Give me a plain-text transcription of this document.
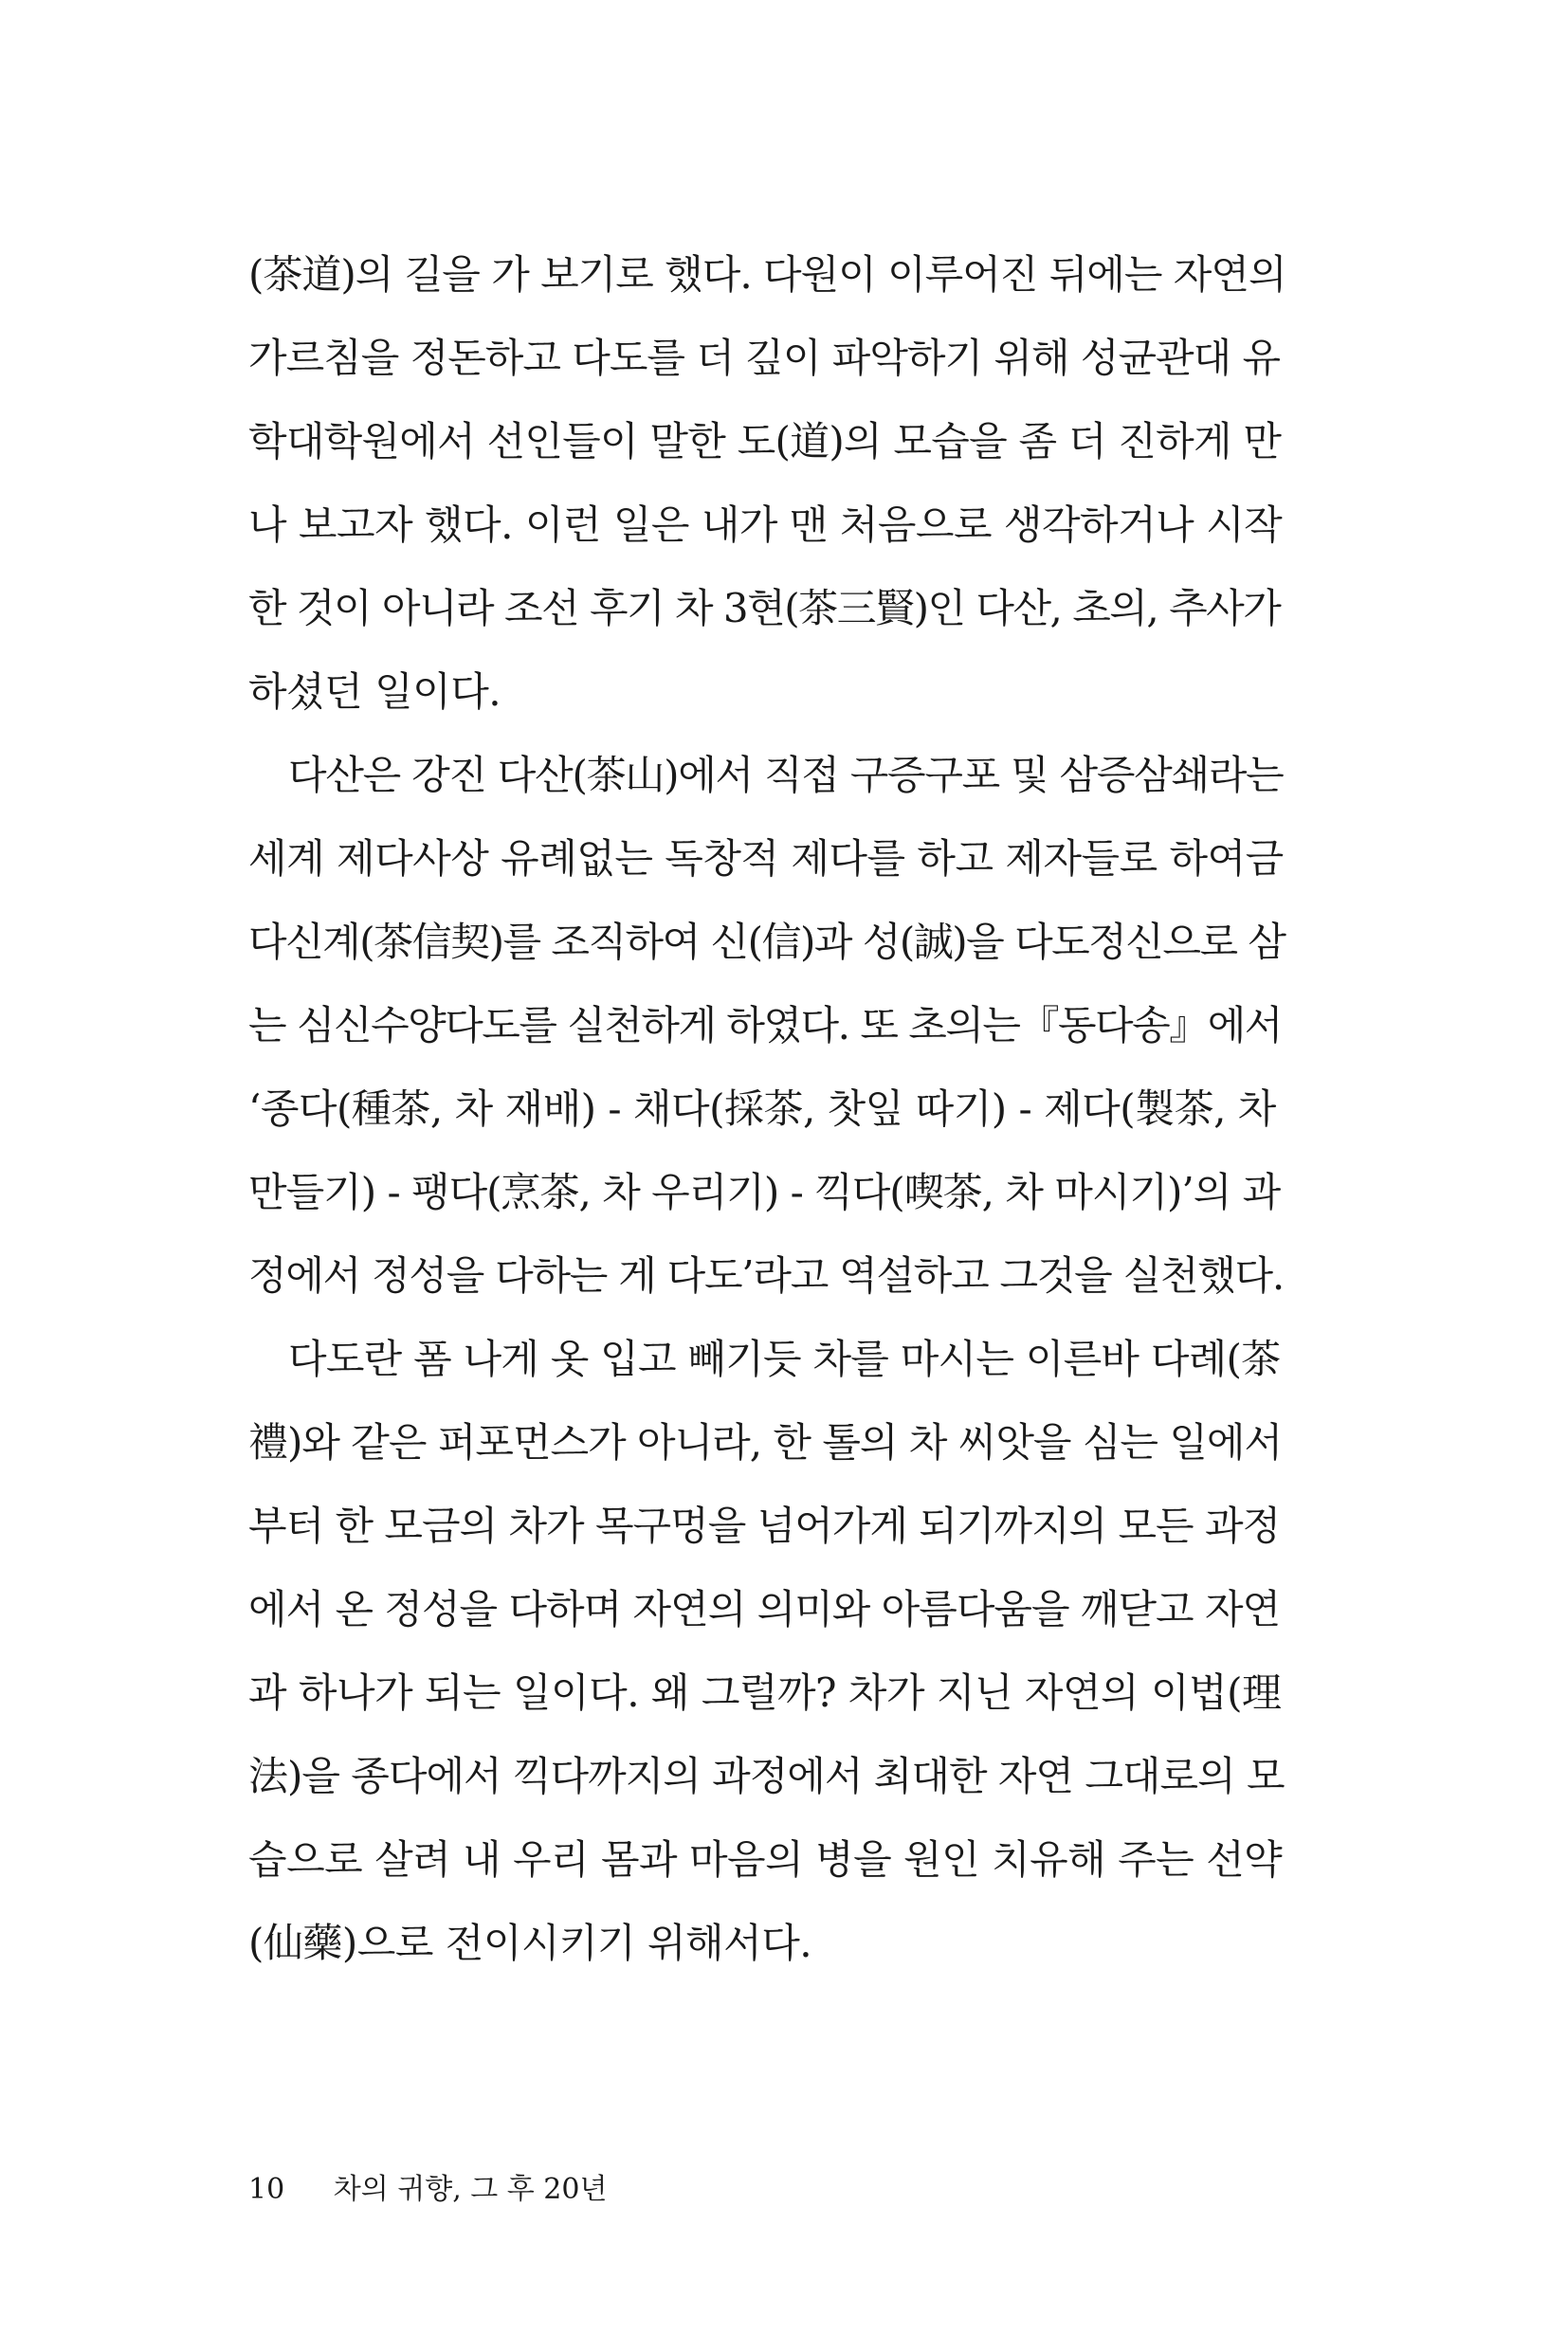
(茶道)의 길을 가 보기로 했다. 다원이 이루어진 뒤에는 자연의
가르침을 정돈하고 다도를 더 깊이 파악하기 위해 성균관대 유
학대학원에서 선인들이 말한 도(道)의 모습을 좀 더 진하게 만
나 보고자 했다. 이런 일은 내가 맨 처음으로 생각하거나 시작
한 것이 아니라 조선 후기 차 3현(茶三賢)인 다산, 초의, 추사가
하셨던 일이다.
다산은 강진 다산(茶山)에서 직접 구증구포 및 삼증삼쇄라는
세계 제다사상 유례없는 독창적 제다를 하고 제자들로 하여금
다신계(茶信契)를 조직하여 신(信)과 성(誠)을 다도정신으로 삼
는 심신수양다도를 실천하게 하였다. 또 초의는『동다송』에서
‘종다(種茶, 차 재배) - 채다(採茶, 찻잎 따기) - 제다(製茶, 차
만들기) - 팽다(烹茶, 차 우리기) - 끽다(喫茶, 차 마시기)’의 과
정에서 정성을 다하는 게 다도’라고 역설하고 그것을 실천했다.
다도란 폼 나게 옷 입고 빼기듯 차를 마시는 이른바 다례(茶
禮)와 같은 퍼포먼스가 아니라, 한 톨의 차 씨앗을 심는 일에서
부터 한 모금의 차가 목구멍을 넘어가게 되기까지의 모든 과정
에서 온 정성을 다하며 자연의 의미와 아름다움을 깨닫고 자연
과 하나가 되는 일이다. 왜 그럴까? 차가 지닌 자연의 이법(理
法)을 종다에서 끽다까지의 과정에서 최대한 자연 그대로의 모
습으로 살려 내 우리 몸과 마음의 병을 원인 치유해 주는 선약
(仙藥)으로 전이시키기 위해서다.
10 차의 귀향, 그 후 20년
